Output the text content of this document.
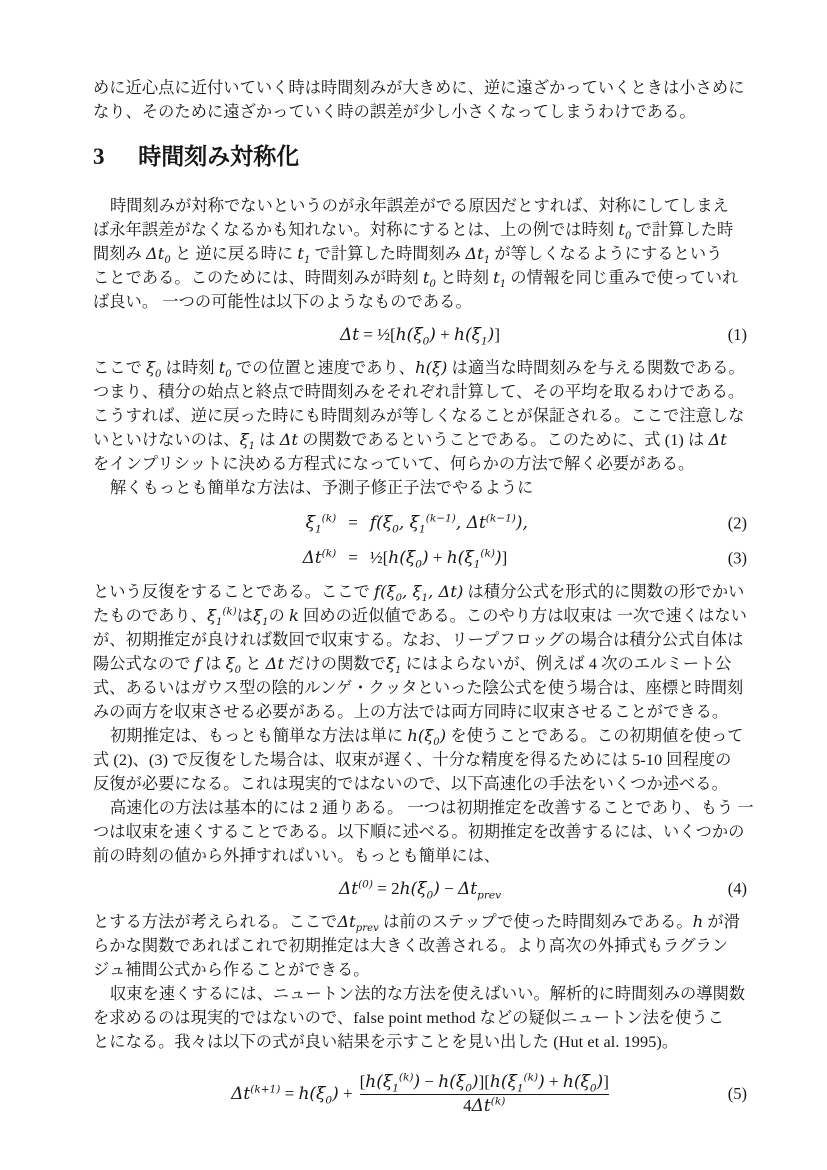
めに近心点に近付いていく時は時間刻みが大きめに、逆に遠ざかっていくときは小さめに
なり、そのために遠ざかっていく時の誤差が少し小さくなってしまうわけである。
3 時間刻み対称化
時間刻みが対称でないというのが永年誤差がでる原因だとすれば、対称にしてしまえ
ば永年誤差がなくなるかも知れない。対称にするとは、上の例では時刻 $t_0$ で計算した時
間刻み $\Delta t_0$ と 逆に戻る時に $t_1$ で計算した時間刻み $\Delta t_1$ が等しくなるようにするという
ことである。このためには、時間刻みが時刻 $t_0$ と時刻 $t_1$ の情報を同じ重みで使っていれ
ば良い。 一つの可能性は以下のようなものである。
$\Delta t = \frac{1}{2}[h(\xi_0) + h(\xi_1)]$	(1)
ここで $\xi_0$ は時刻 $t_0$ での位置と速度であり、h(ξ) は適当な時間刻みを与える関数である。
つまり、積分の始点と終点で時間刻みをそれぞれ計算して、その平均を取るわけである。
こうすれば、逆に戻った時にも時間刻みが等しくなることが保証される。ここで注意しな
いといけないのは、$\xi_1$ は Δt の関数であるということである。このために、式 (1) は Δt
をインプリシットに決める方程式になっていて、何らかの方法で解く必要がある。
解くもっとも簡単な方法は、予測子修正子法でやるように
$\xi_1^{(k)} = f(\xi_0$, $\xi_1^{(k-1)}$, $\Delta t^{(k-1)}$),	(2)
$\Delta t^{(k)}$ = $\frac{1}{2}[h(\xi_0) + h(\xi_1^{(k)})]$	(3)
という反復をすることである。ここで $f(\xi_0$, $\xi_1$, Δt) は積分公式を形式的に関数の形でかい
たものであり、$\xi_1^{(k)}$は$\xi_1$の k 回めの近似値である。このやり方は収束は 一次で速くはない
が、初期推定が良ければ数回で収束する。なお、リープフロッグの場合は積分公式自体は
陽公式なので f は $\xi_0$ と Δt だけの関数で$\xi_1$ にはよらないが、例えば 4 次のエルミート公
式、あるいはガウス型の陰的ルンゲ・クッタといった陰公式を使う場合は、座標と時間刻
みの両方を収束させる必要がある。上の方法では両方同時に収束させることができる。
初期推定は、もっとも簡単な方法は単に $h(\xi_0)$ を使うことである。この初期値を使って
式 (2)、(3) で反復をした場合は、収束が遅く、十分な精度を得るためには 5-10 回程度の
反復が必要になる。これは現実的ではないので、以下高速化の手法をいくつか述べる。
高速化の方法は基本的には 2 通りある。 一つは初期推定を改善することであり、もう 一
つは収束を速くすることである。以下順に述べる。初期推定を改善するには、いくつかの
前の時刻の値から外挿すればいい。もっとも簡単には、
$\Delta t^{(0)} = 2h(\xi_0) - \Delta t_{prev}$	(4)
とする方法が考えられる。ここで$\Delta t_{prev}$ は前のステップで使った時間刻みである。h が滑
らかな関数であればこれで初期推定は大きく改善される。より高次の外挿式もラグラン
ジュ補間公式から作ることができる。
収束を速くするには、ニュートン法的な方法を使えばいい。解析的に時間刻みの導関数
を求めるのは現実的ではないので、false point method などの疑似ニュートン法を使うこ
とになる。我々は以下の式が良い結果を示すことを見い出した (Hut et al. 1995)。
$\Delta t^{(k+1)} = h(\xi_0) + \frac{[h(\xi_1^{(k)}) - h(\xi_0)][h(\xi_1^{(k)}) + h(\xi_0)]}{4\Delta t^{(k)}}$	(5)
